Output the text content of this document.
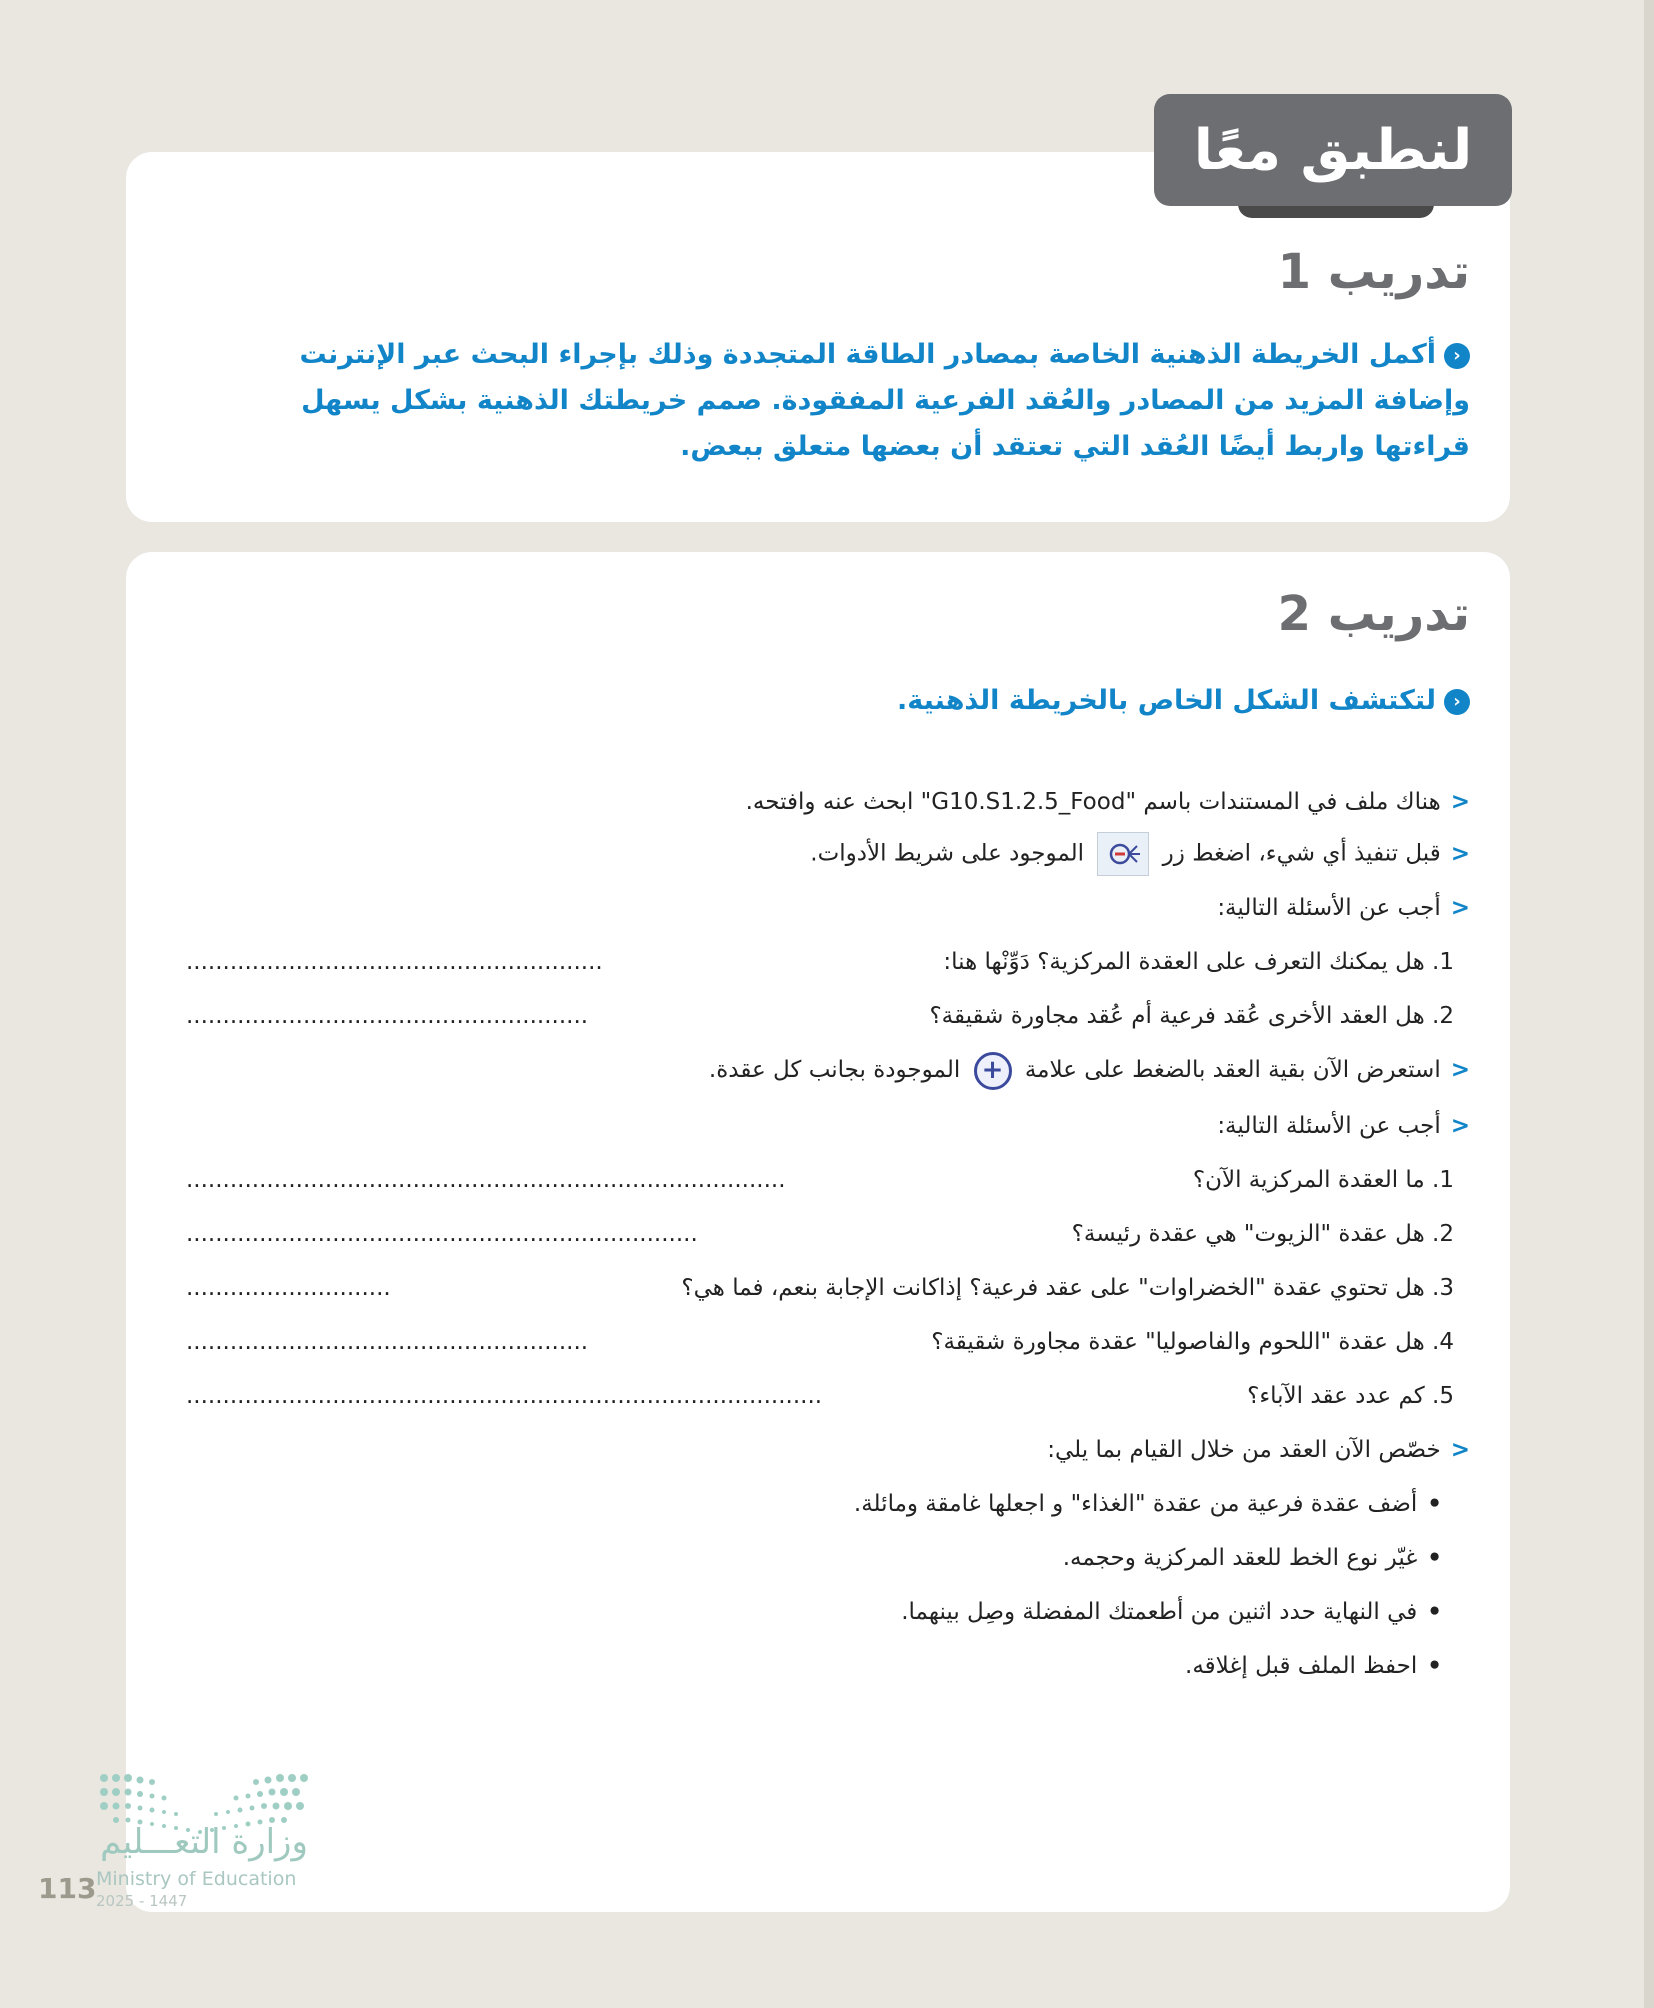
لنطبق معًا
تدريب 1
‹أكمل الخريطة الذهنية الخاصة بمصادر الطاقة المتجددة وذلك بإجراء البحث عبر الإنترنت وإضافة المزيد من المصادر والعُقد الفرعية المفقودة. صمم خريطتك الذهنية بشكل يسهل قراءتها واربط أيضًا العُقد التي تعتقد أن بعضها متعلق ببعض.
تدريب 2
‹لتكتشف الشكل الخاص بالخريطة الذهنية.
<هناك ملف في المستندات باسم "G10.S1.2.5_Food" ابحث عنه وافتحه.
<قبل تنفيذ أي شيء، اضغط زر  الموجود على شريط الأدوات.
<أجب عن الأسئلة التالية:
1. هل يمكنك التعرف على العقدة المركزية؟ دَوِّنْها هنا:
.........................................................
2. هل العقد الأخرى عُقد فرعية أم عُقد مجاورة شقيقة؟
.......................................................
<استعرض الآن بقية العقد بالضغط على علامة + الموجودة بجانب كل عقدة.
<أجب عن الأسئلة التالية:
1. ما العقدة المركزية الآن؟
..................................................................................
2. هل عقدة "الزيوت" هي عقدة رئيسة؟
......................................................................
3. هل تحتوي عقدة "الخضراوات" على عقد فرعية؟ إذاكانت الإجابة بنعم، فما هي؟
............................
4. هل عقدة "اللحوم والفاصوليا" عقدة مجاورة شقيقة؟
.......................................................
5. كم عدد عقد الآباء؟
.......................................................................................
<خصّص الآن العقد من خلال القيام بما يلي:
•أضف عقدة فرعية من عقدة "الغذاء" و اجعلها غامقة ومائلة.
•غيّر نوع الخط للعقد المركزية وحجمه.
•في النهاية حدد اثنين من أطعمتك المفضلة وصِل بينهما.
•احفظ الملف قبل إغلاقه.
وزارة التعـــليم
Ministry of Education
2025 - 1447
113
